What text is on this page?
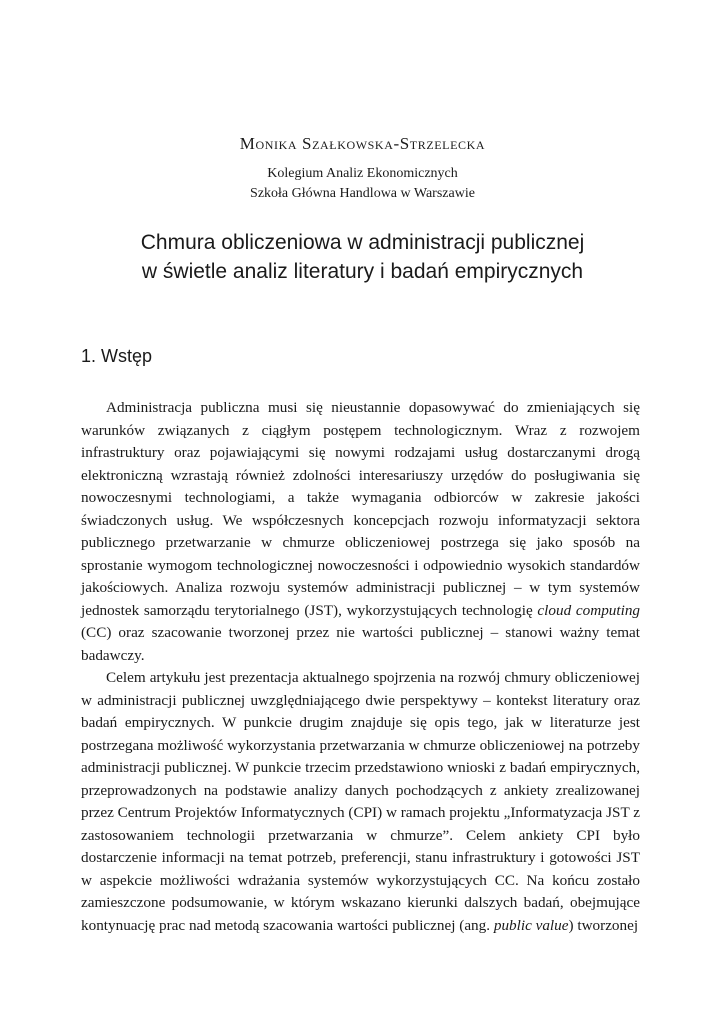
Monika Szałkowska-Strzelecka
Kolegium Analiz Ekonomicznych
Szkoła Główna Handlowa w Warszawie
Chmura obliczeniowa w administracji publicznej
w świetle analiz literatury i badań empirycznych
1. Wstęp

Administracja publiczna musi się nieustannie dopasowywać do zmieniających się warunków związanych z ciągłym postępem technologicznym. Wraz z rozwojem infrastruktury oraz pojawiającymi się nowymi rodzajami usług dostarczanymi drogą elektroniczną wzrastają również zdolności interesariuszy urzędów do posługiwania się nowoczesnymi technologiami, a także wymagania odbiorców w zakresie jakości świadczonych usług. We współczesnych koncepcjach rozwoju informatyzacji sektora publicznego przetwarzanie w chmurze obliczeniowej postrzega się jako sposób na sprostanie wymogom technologicznej nowoczesności i odpowiednio wysokich standardów jakościowych. Analiza rozwoju systemów administracji publicznej – w tym systemów jednostek samorządu terytorialnego (JST), wykorzystujących technologię cloud computing (CC) oraz szacowanie tworzonej przez nie wartości publicznej – stanowi ważny temat badawczy.

Celem artykułu jest prezentacja aktualnego spojrzenia na rozwój chmury obliczeniowej w administracji publicznej uwzględniającego dwie perspektywy – kontekst literatury oraz badań empirycznych. W punkcie drugim znajduje się opis tego, jak w literaturze jest postrzegana możliwość wykorzystania przetwarzania w chmurze obliczeniowej na potrzeby administracji publicznej. W punkcie trzecim przedstawiono wnioski z badań empirycznych, przeprowadzonych na podstawie analizy danych pochodzących z ankiety zrealizowanej przez Centrum Projektów Informatycznych (CPI) w ramach projektu „Informatyzacja JST z zastosowaniem technologii przetwarzania w chmurze”. Celem ankiety CPI było dostarczenie informacji na temat potrzeb, preferencji, stanu infrastruktury i gotowości JST w aspekcie możliwości wdrażania systemów wykorzystujących CC. Na końcu zostało zamieszczone podsumowanie, w którym wskazano kierunki dalszych badań, obejmujące kontynuację prac nad metodą szacowania wartości publicznej (ang. public value) tworzonej
